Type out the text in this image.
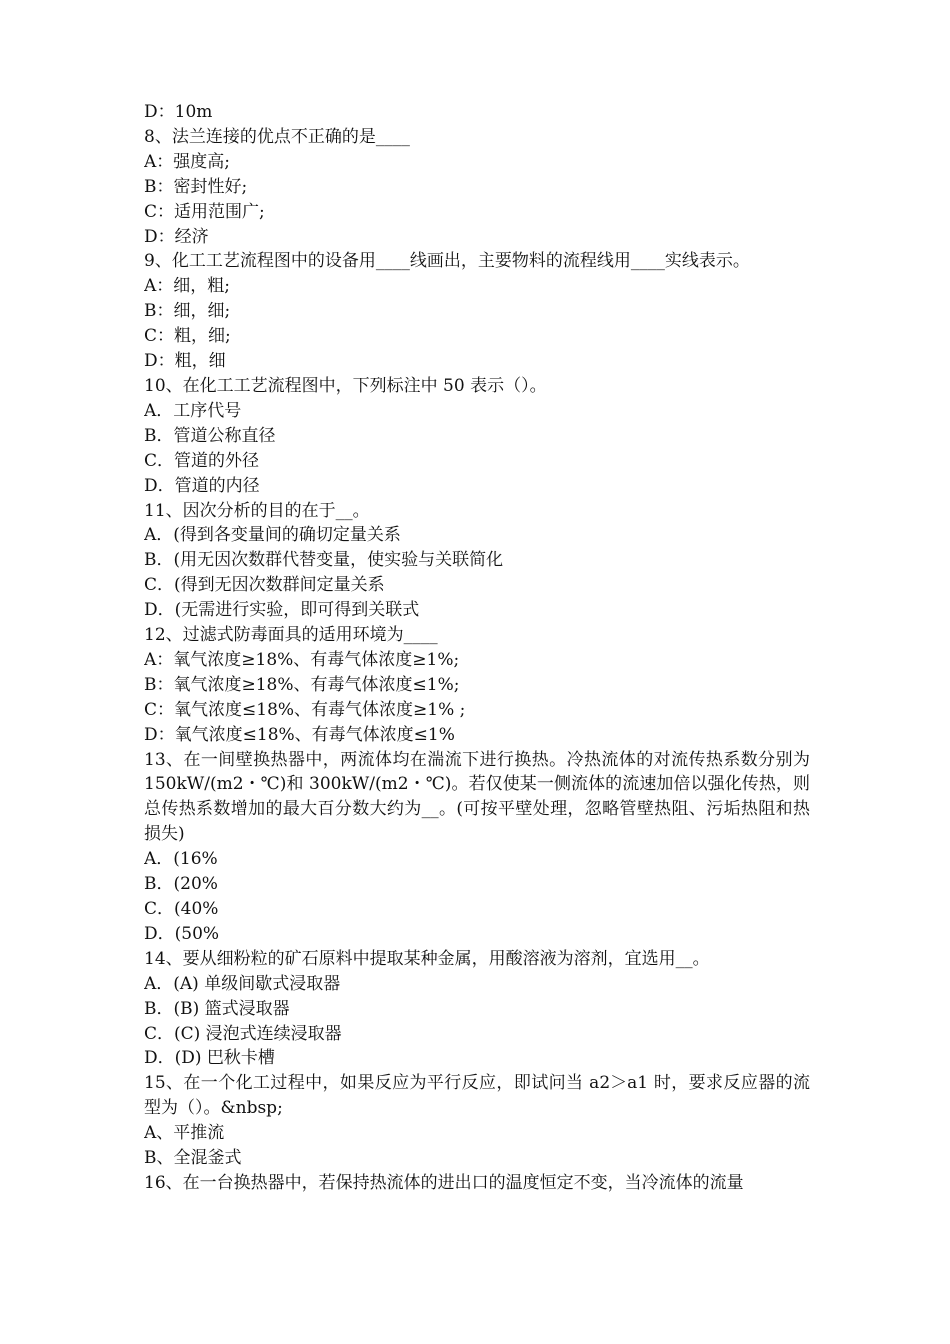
D：10m

8、法兰连接的优点不正确的是____

A：强度高;

B：密封性好;

C：适用范围广;

D：经济

9、化工工艺流程图中的设备用____线画出，主要物料的流程线用____实线表示。

A：细，粗;

B：细，细;

C：粗，细;

D：粗，细

10、在化工工艺流程图中，下列标注中 50 表示（）。

A．工序代号

B．管道公称直径

C．管道的外径

D．管道的内径

11、因次分析的目的在于__。

A．(得到各变量间的确切定量关系

B．(用无因次数群代替变量，使实验与关联简化

C．(得到无因次数群间定量关系

D．(无需进行实验，即可得到关联式

12、过滤式防毒面具的适用环境为____

A：氧气浓度≥18%、有毒气体浓度≥1%;

B：氧气浓度≥18%、有毒气体浓度≤1%;

C：氧气浓度≤18%、有毒气体浓度≥1% ;

D：氧气浓度≤18%、有毒气体浓度≤1%

13、在一间壁换热器中，两流体均在湍流下进行换热。冷热流体的对流传热系数分别为 150kW/(m2・℃)和 300kW/(m2・℃)。若仅使某一侧流体的流速加倍以强化传热，则总传热系数增加的最大百分数大约为__。(可按平壁处理，忽略管壁热阻、污垢热阻和热损失)

A．(16%

B．(20%

C．(40%

D．(50%

14、要从细粉粒的矿石原料中提取某种金属，用酸溶液为溶剂，宜选用__。

A．(A) 单级间歇式浸取器

B．(B) 篮式浸取器

C．(C) 浸泡式连续浸取器

D．(D) 巴秋卡槽

15、在一个化工过程中，如果反应为平行反应，即试问当 a2＞a1 时，要求反应器的流型为（）。&nbsp;

A、平推流

B、全混釜式

16、在一台换热器中，若保持热流体的进出口的温度恒定不变，当冷流体的流量
